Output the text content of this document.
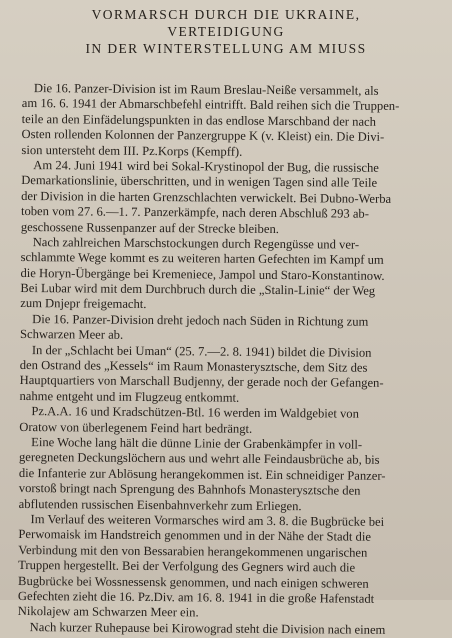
VORMARSCH DURCH DIE UKRAINE,
VERTEIDIGUNG
IN DER WINTERSTELLUNG AM MIUSS
Die 16. Panzer-Division ist im Raum Breslau-Neiße versammelt, als
am 16. 6. 1941 der Abmarschbefehl eintrifft. Bald reihen sich die Truppen-
teile an den Einfädelungspunkten in das endlose Marschband der nach
Osten rollenden Kolonnen der Panzergruppe K (v. Kleist) ein. Die Divi-
sion untersteht dem III. Pz.Korps (Kempff).
Am 24. Juni 1941 wird bei Sokal-Krystinopol der Bug, die russische
Demarkationslinie, überschritten, und in wenigen Tagen sind alle Teile
der Division in die harten Grenzschlachten verwickelt. Bei Dubno-Werba
toben vom 27. 6.—1. 7. Panzerkämpfe, nach deren Abschluß 293 ab-
geschossene Russenpanzer auf der Strecke bleiben.
Nach zahlreichen Marschstockungen durch Regengüsse und ver-
schlammte Wege kommt es zu weiteren harten Gefechten im Kampf um
die Horyn-Übergänge bei Kremeniece, Jampol und Staro-Konstantinow.
Bei Lubar wird mit dem Durchbruch durch die „Stalin-Linie“ der Weg
zum Dnjepr freigemacht.
Die 16. Panzer-Division dreht jedoch nach Süden in Richtung zum
Schwarzen Meer ab.
In der „Schlacht bei Uman“ (25. 7.—2. 8. 1941) bildet die Division
den Ostrand des „Kessels“ im Raum Monasterysztsche, dem Sitz des
Hauptquartiers von Marschall Budjenny, der gerade noch der Gefangen-
nahme entgeht und im Flugzeug entkommt.
Pz.A.A. 16 und Kradschützen-Btl. 16 werden im Waldgebiet von
Oratow von überlegenem Feind hart bedrängt.
Eine Woche lang hält die dünne Linie der Grabenkämpfer in voll-
geregneten Deckungslöchern aus und wehrt alle Feindausbrüche ab, bis
die Infanterie zur Ablösung herangekommen ist. Ein schneidiger Panzer-
vorstoß bringt nach Sprengung des Bahnhofs Monasterysztsche den
abflutenden russischen Eisenbahnverkehr zum Erliegen.
Im Verlauf des weiteren Vormarsches wird am 3. 8. die Bugbrücke bei
Perwomaisk im Handstreich genommen und in der Nähe der Stadt die
Verbindung mit den von Bessarabien herangekommenen ungarischen
Truppen hergestellt. Bei der Verfolgung des Gegners wird auch die
Bugbrücke bei Wossnessensk genommen, und nach einigen schweren
Gefechten zieht die 16. Pz.Div. am 16. 8. 1941 in die große Hafenstadt
Nikolajew am Schwarzen Meer ein.
Nach kurzer Ruhepause bei Kirowograd steht die Division nach einem
